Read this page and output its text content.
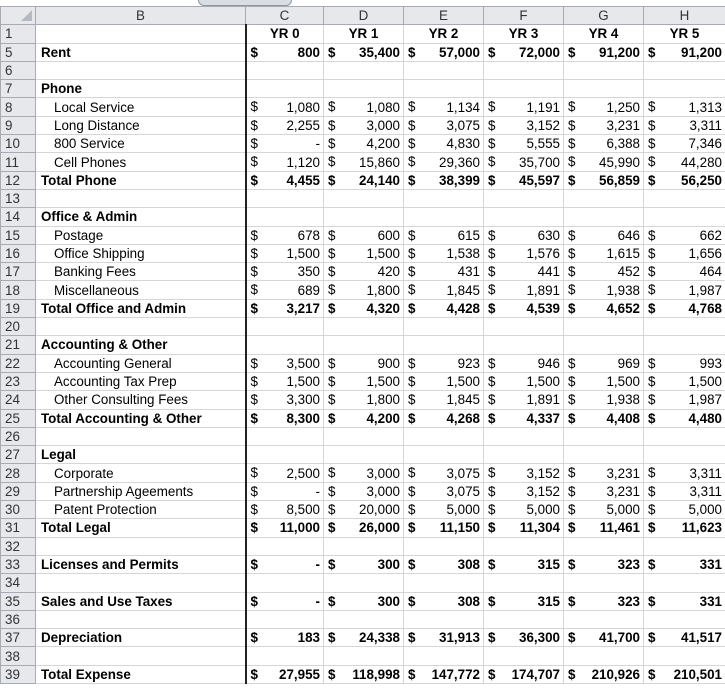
	B	C	D	E	F	G	H
1		YR 0	YR 1	YR 2	YR 3	YR 4	YR 5
5	Rent	$ 800	$ 35,400	$ 57,000	$ 72,000	$ 91,200	$ 91,200

6							
7	Phone						
8	Local Service	$ 1,080	$ 1,080	$ 1,134	$ 1,191	$ 1,250	$ 1,313

9	Long Distance	$ 2,255	$ 3,000	$ 3,075	$ 3,152	$ 3,231	$ 3,311

10	800 Service	$ -	$ 4,200	$ 4,830	$ 5,555	$ 6,388	$ 7,346

11	Cell Phones	$ 1,120	$ 15,860	$ 29,360	$ 35,700	$ 45,990	$ 44,280

12	Total Phone	$ 4,455	$ 24,140	$ 38,399	$ 45,597	$ 56,859	$ 56,250

13							
14	Office & Admin						
15	Postage	$ 678	$ 600	$ 615	$ 630	$ 646	$ 662

16	Office Shipping	$ 1,500	$ 1,500	$ 1,538	$ 1,576	$ 1,615	$ 1,656

17	Banking Fees	$ 350	$ 420	$ 431	$ 441	$ 452	$ 464

18	Miscellaneous	$ 689	$ 1,800	$ 1,845	$ 1,891	$ 1,938	$ 1,987

19	Total Office and Admin	$ 3,217	$ 4,320	$ 4,428	$ 4,539	$ 4,652	$ 4,768

20							
21	Accounting & Other						
22	Accounting General	$ 3,500	$ 900	$ 923	$ 946	$ 969	$ 993

23	Accounting Tax Prep	$ 1,500	$ 1,500	$ 1,500	$ 1,500	$ 1,500	$ 1,500

24	Other Consulting Fees	$ 3,300	$ 1,800	$ 1,845	$ 1,891	$ 1,938	$ 1,987

25	Total Accounting & Other	$ 8,300	$ 4,200	$ 4,268	$ 4,337	$ 4,408	$ 4,480

26							
27	Legal						
28	Corporate	$ 2,500	$ 3,000	$ 3,075	$ 3,152	$ 3,231	$ 3,311

29	Partnership Ageements	$ -	$ 3,000	$ 3,075	$ 3,152	$ 3,231	$ 3,311

30	Patent Protection	$ 8,500	$ 20,000	$ 5,000	$ 5,000	$ 5,000	$ 5,000

31	Total Legal	$ 11,000	$ 26,000	$ 11,150	$ 11,304	$ 11,461	$ 11,623

32							
33	Licenses and Permits	$ -	$ 300	$ 308	$ 315	$ 323	$ 331

34							
35	Sales and Use Taxes	$ -	$ 300	$ 308	$ 315	$ 323	$ 331

36							
37	Depreciation	$ 183	$ 24,338	$ 31,913	$ 36,300	$ 41,700	$ 41,517

38							
39	Total Expense	$ 27,955	$ 118,998	$ 147,772	$ 174,707	$ 210,926	$ 210,501
